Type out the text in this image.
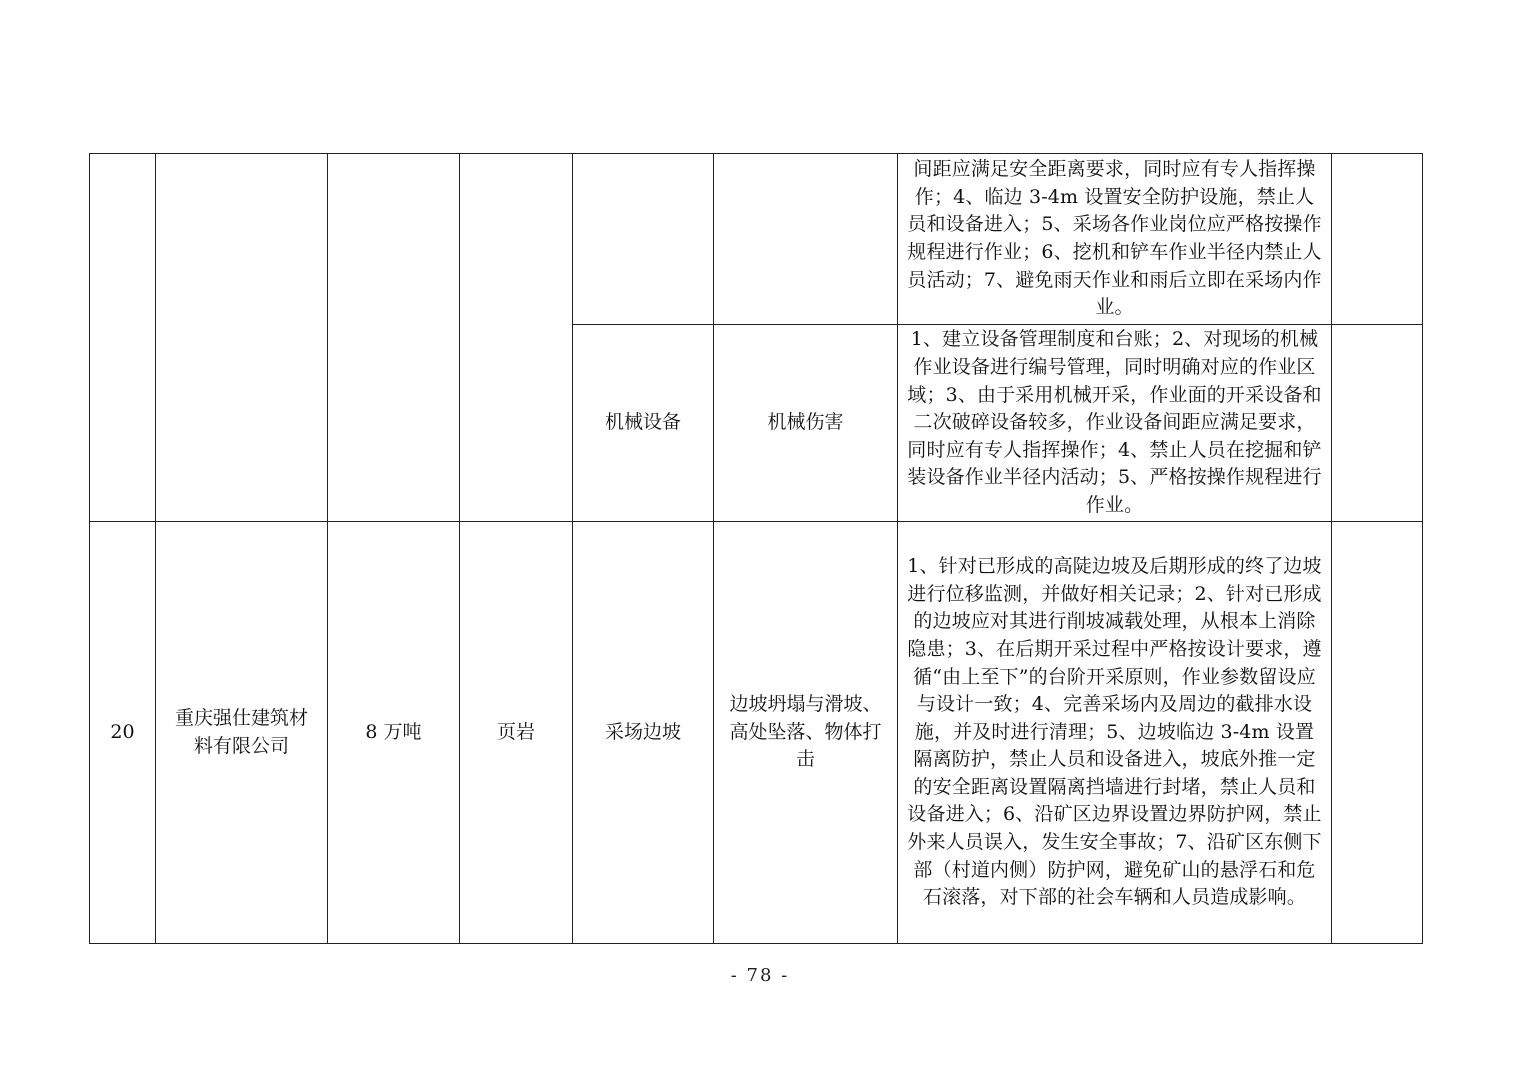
						间距应满足安全距离要求，同时应有专人指挥操作；4、临边 3-4m 设置安全防护设施，禁止人员和设备进入；5、采场各作业岗位应严格按操作规程进行作业；6、挖机和铲车作业半径内禁止人员活动；7、避免雨天作业和雨后立即在采场内作业。	

				机械设备	机械伤害	1、建立设备管理制度和台账；2、对现场的机械作业设备进行编号管理，同时明确对应的作业区域；3、由于采用机械开采，作业面的开采设备和二次破碎设备较多，作业设备间距应满足要求，同时应有专人指挥操作；4、禁止人员在挖掘和铲装设备作业半径内活动；5、严格按操作规程进行作业。	

20	重庆强仕建筑材料有限公司	8 万吨	页岩	采场边坡	边坡坍塌与滑坡、高处坠落、物体打击	1、针对已形成的高陡边坡及后期形成的终了边坡进行位移监测，并做好相关记录；2、针对已形成的边坡应对其进行削坡减载处理，从根本上消除隐患；3、在后期开采过程中严格按设计要求，遵循“由上至下”的台阶开采原则，作业参数留设应与设计一致；4、完善采场内及周边的截排水设施，并及时进行清理；5、边坡临边 3-4m 设置隔离防护，禁止人员和设备进入，坡底外推一定的安全距离设置隔离挡墙进行封堵，禁止人员和设备进入；6、沿矿区边界设置边界防护网，禁止外来人员误入，发生安全事故；7、沿矿区东侧下部（村道内侧）防护网，避免矿山的悬浮石和危石滚落，对下部的社会车辆和人员造成影响。	

- 78 -
